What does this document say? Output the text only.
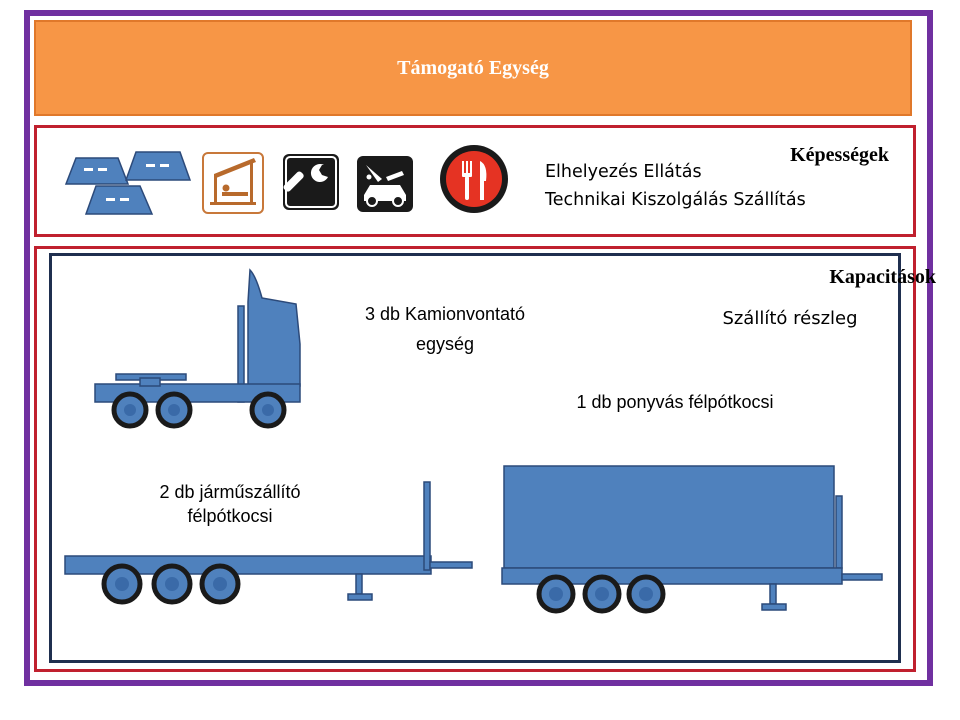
Támogató Egység
Képességek
Elhelyezés Ellátás
Technikai Kiszolgálás Szállítás
Kapacitások
Szállító részleg
3 db Kamionvontató
egység
1 db ponyvás félpótkocsi
2 db járműszállító
félpótkocsi
